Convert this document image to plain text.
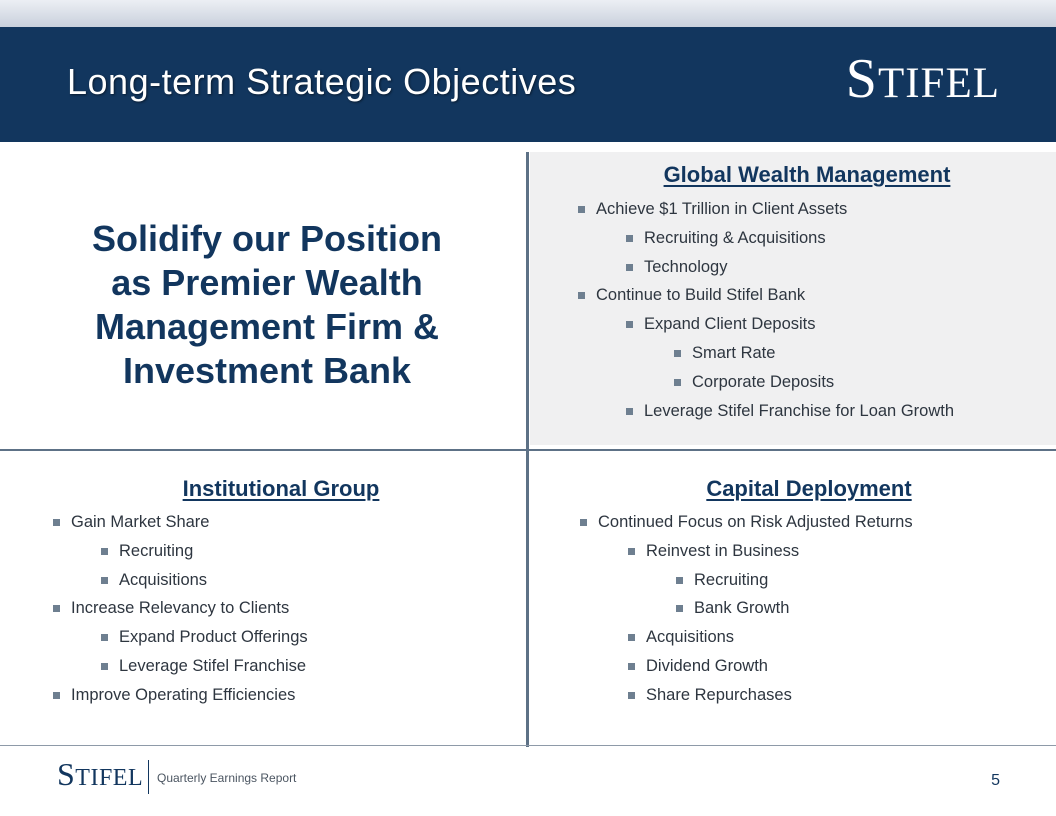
Long-term Strategic Objectives	STIFEL
Solidify our Position
as Premier Wealth
Management Firm &
Investment Bank
Global Wealth Management
Achieve $1 Trillion in Client Assets
Recruiting & Acquisitions
Technology
Continue to Build Stifel Bank
Expand Client Deposits
Smart Rate
Corporate Deposits
Leverage Stifel Franchise for Loan Growth
Institutional Group
Gain Market Share
Recruiting
Acquisitions
Increase Relevancy to Clients
Expand Product Offerings
Leverage Stifel Franchise
Improve Operating Efficiencies
Capital Deployment
Continued Focus on Risk Adjusted Returns
Reinvest in Business
Recruiting
Bank Growth
Acquisitions
Dividend Growth
Share Repurchases
STIFEL Quarterly Earnings Report	5
